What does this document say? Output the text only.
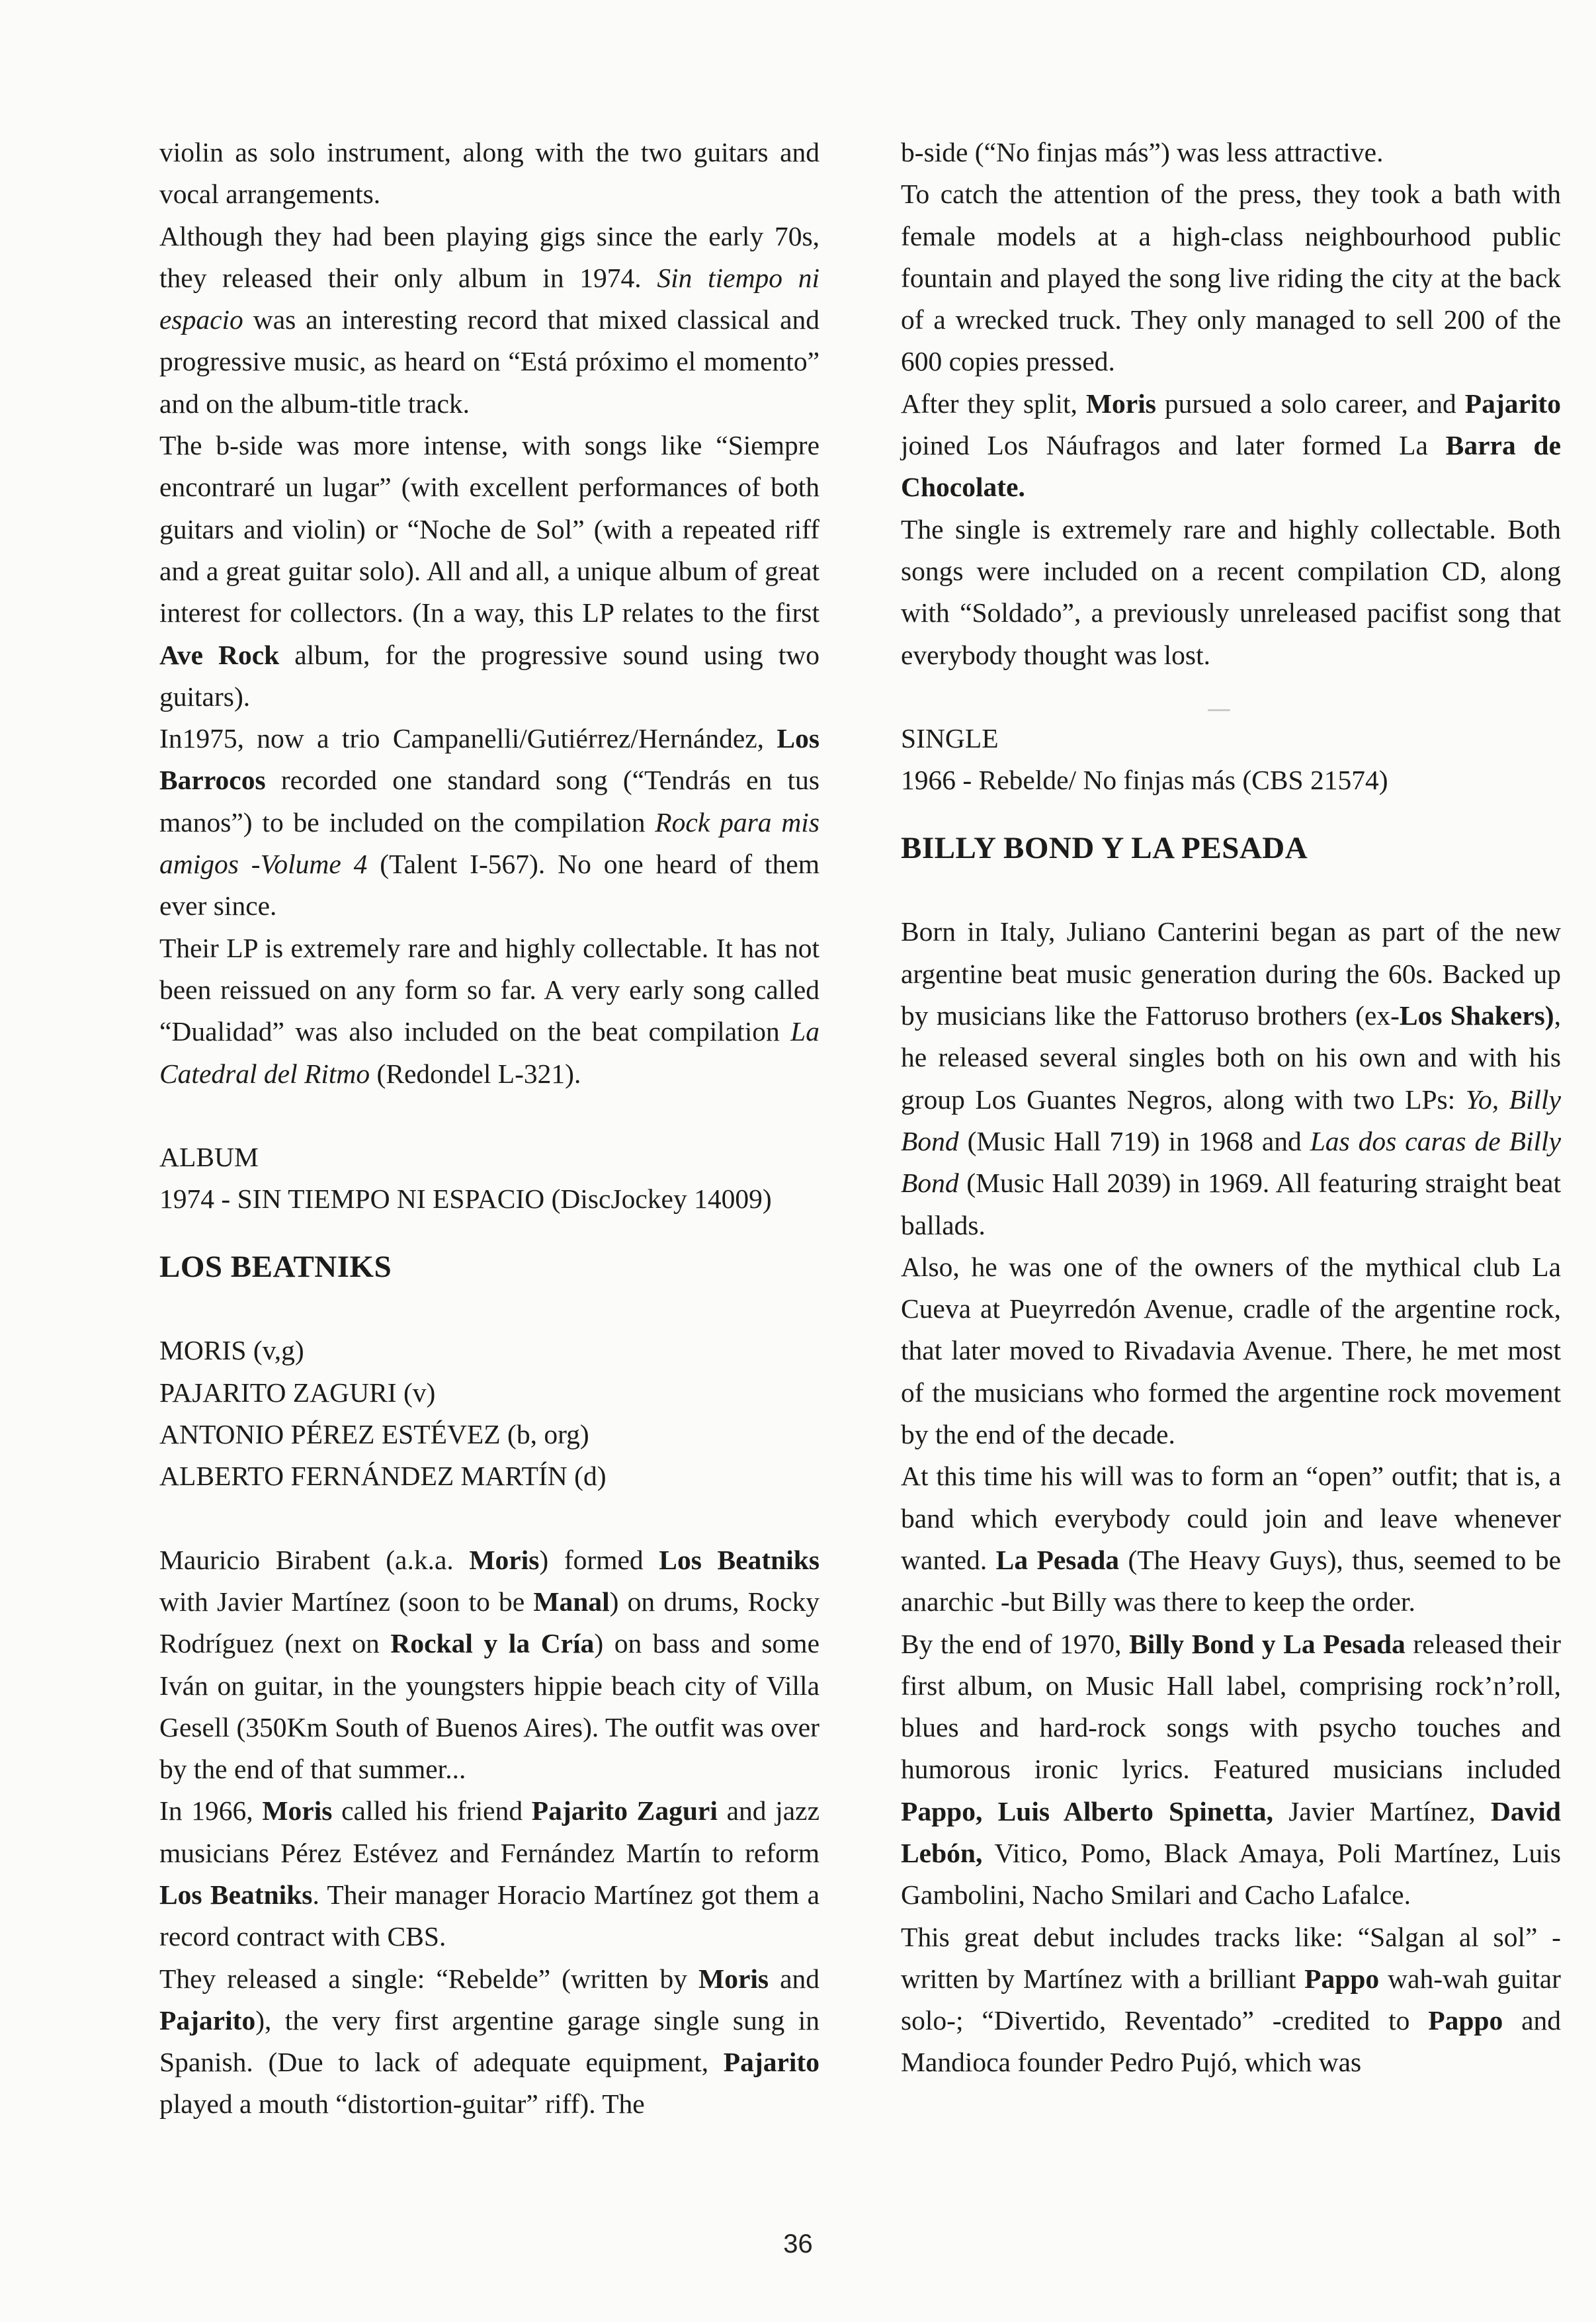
violin as solo instrument, along with the two guitars and vocal arrangements.

Although they had been playing gigs since the early 70s, they released their only album in 1974. Sin tiempo ni espacio was an interesting record that mixed classical and progressive music, as heard on “Está próximo el momento” and on the album-title track.

The b-side was more intense, with songs like “Siempre encontraré un lugar” (with excellent performances of both guitars and violin) or “Noche de Sol” (with a repeated riff and a great guitar solo). All and all, a unique album of great interest for collectors. (In a way, this LP relates to the first Ave Rock album, for the progressive sound using two guitars).

In1975, now a trio Campanelli/Gutiérrez/Hernández, Los Barrocos recorded one standard song (“Tendrás en tus manos”) to be included on the compilation Rock para mis amigos -Volume 4 (Talent I-567). No one heard of them ever since.

Their LP is extremely rare and highly collectable. It has not been reissued on any form so far. A very early song called “Dualidad” was also included on the beat compilation La Catedral del Ritmo (Redondel L-321).

ALBUM

1974 - SIN TIEMPO NI ESPACIO (DiscJockey 14009)

LOS BEATNIKS

MORIS (v,g)

PAJARITO ZAGURI (v)

ANTONIO PÉREZ ESTÉVEZ (b, org)

ALBERTO FERNÁNDEZ MARTÍN (d)

Mauricio Birabent (a.k.a. Moris) formed Los Beatniks with Javier Martínez (soon to be Manal) on drums, Rocky Rodríguez (next on Rockal y la Cría) on bass and some Iván on guitar, in the youngsters hippie beach city of Villa Gesell (350Km South of Buenos Aires). The outfit was over by the end of that summer...

In 1966, Moris called his friend Pajarito Zaguri and jazz musicians Pérez Estévez and Fernández Martín to reform Los Beatniks. Their manager Horacio Martínez got them a record contract with CBS.

They released a single: “Rebelde” (written by Moris and Pajarito), the very first argentine garage single sung in Spanish. (Due to lack of adequate equipment, Pajarito played a mouth “distortion-guitar” riff). The

b-side (“No finjas más”) was less attractive.

To catch the attention of the press, they took a bath with female models at a high-class neighbourhood public fountain and played the song live riding the city at the back of a wrecked truck. They only managed to sell 200 of the 600 copies pressed.

After they split, Moris pursued a solo career, and Pajarito joined Los Náufragos and later formed La Barra de Chocolate.

The single is extremely rare and highly collectable. Both songs were included on a recent compilation CD, along with “Soldado”, a previously unreleased pacifist song that everybody thought was lost.

SINGLE

1966 - Rebelde/ No finjas más (CBS 21574)

BILLY BOND Y LA PESADA

Born in Italy, Juliano Canterini began as part of the new argentine beat music generation during the 60s. Backed up by musicians like the Fattoruso brothers (ex-Los Shakers), he released several singles both on his own and with his group Los Guantes Negros, along with two LPs: Yo, Billy Bond (Music Hall 719) in 1968 and Las dos caras de Billy Bond (Music Hall 2039) in 1969. All featuring straight beat ballads.

Also, he was one of the owners of the mythical club La Cueva at Pueyrredón Avenue, cradle of the argentine rock, that later moved to Rivadavia Avenue. There, he met most of the musicians who formed the argentine rock movement by the end of the decade.

At this time his will was to form an “open” outfit; that is, a band which everybody could join and leave whenever wanted. La Pesada (The Heavy Guys), thus, seemed to be anarchic -but Billy was there to keep the order.

By the end of 1970, Billy Bond y La Pesada released their first album, on Music Hall label, comprising rock’n’roll, blues and hard-rock songs with psycho touches and humorous ironic lyrics. Featured musicians included Pappo, Luis Alberto Spinetta, Javier Martínez, David Lebón, Vitico, Pomo, Black Amaya, Poli Martínez, Luis Gambolini, Nacho Smilari and Cacho Lafalce.

This great debut includes tracks like: “Salgan al sol” -written by Martínez with a brilliant Pappo wah-wah guitar solo-; “Divertido, Reventado” -credited to Pappo and Mandioca founder Pedro Pujó, which was

36
